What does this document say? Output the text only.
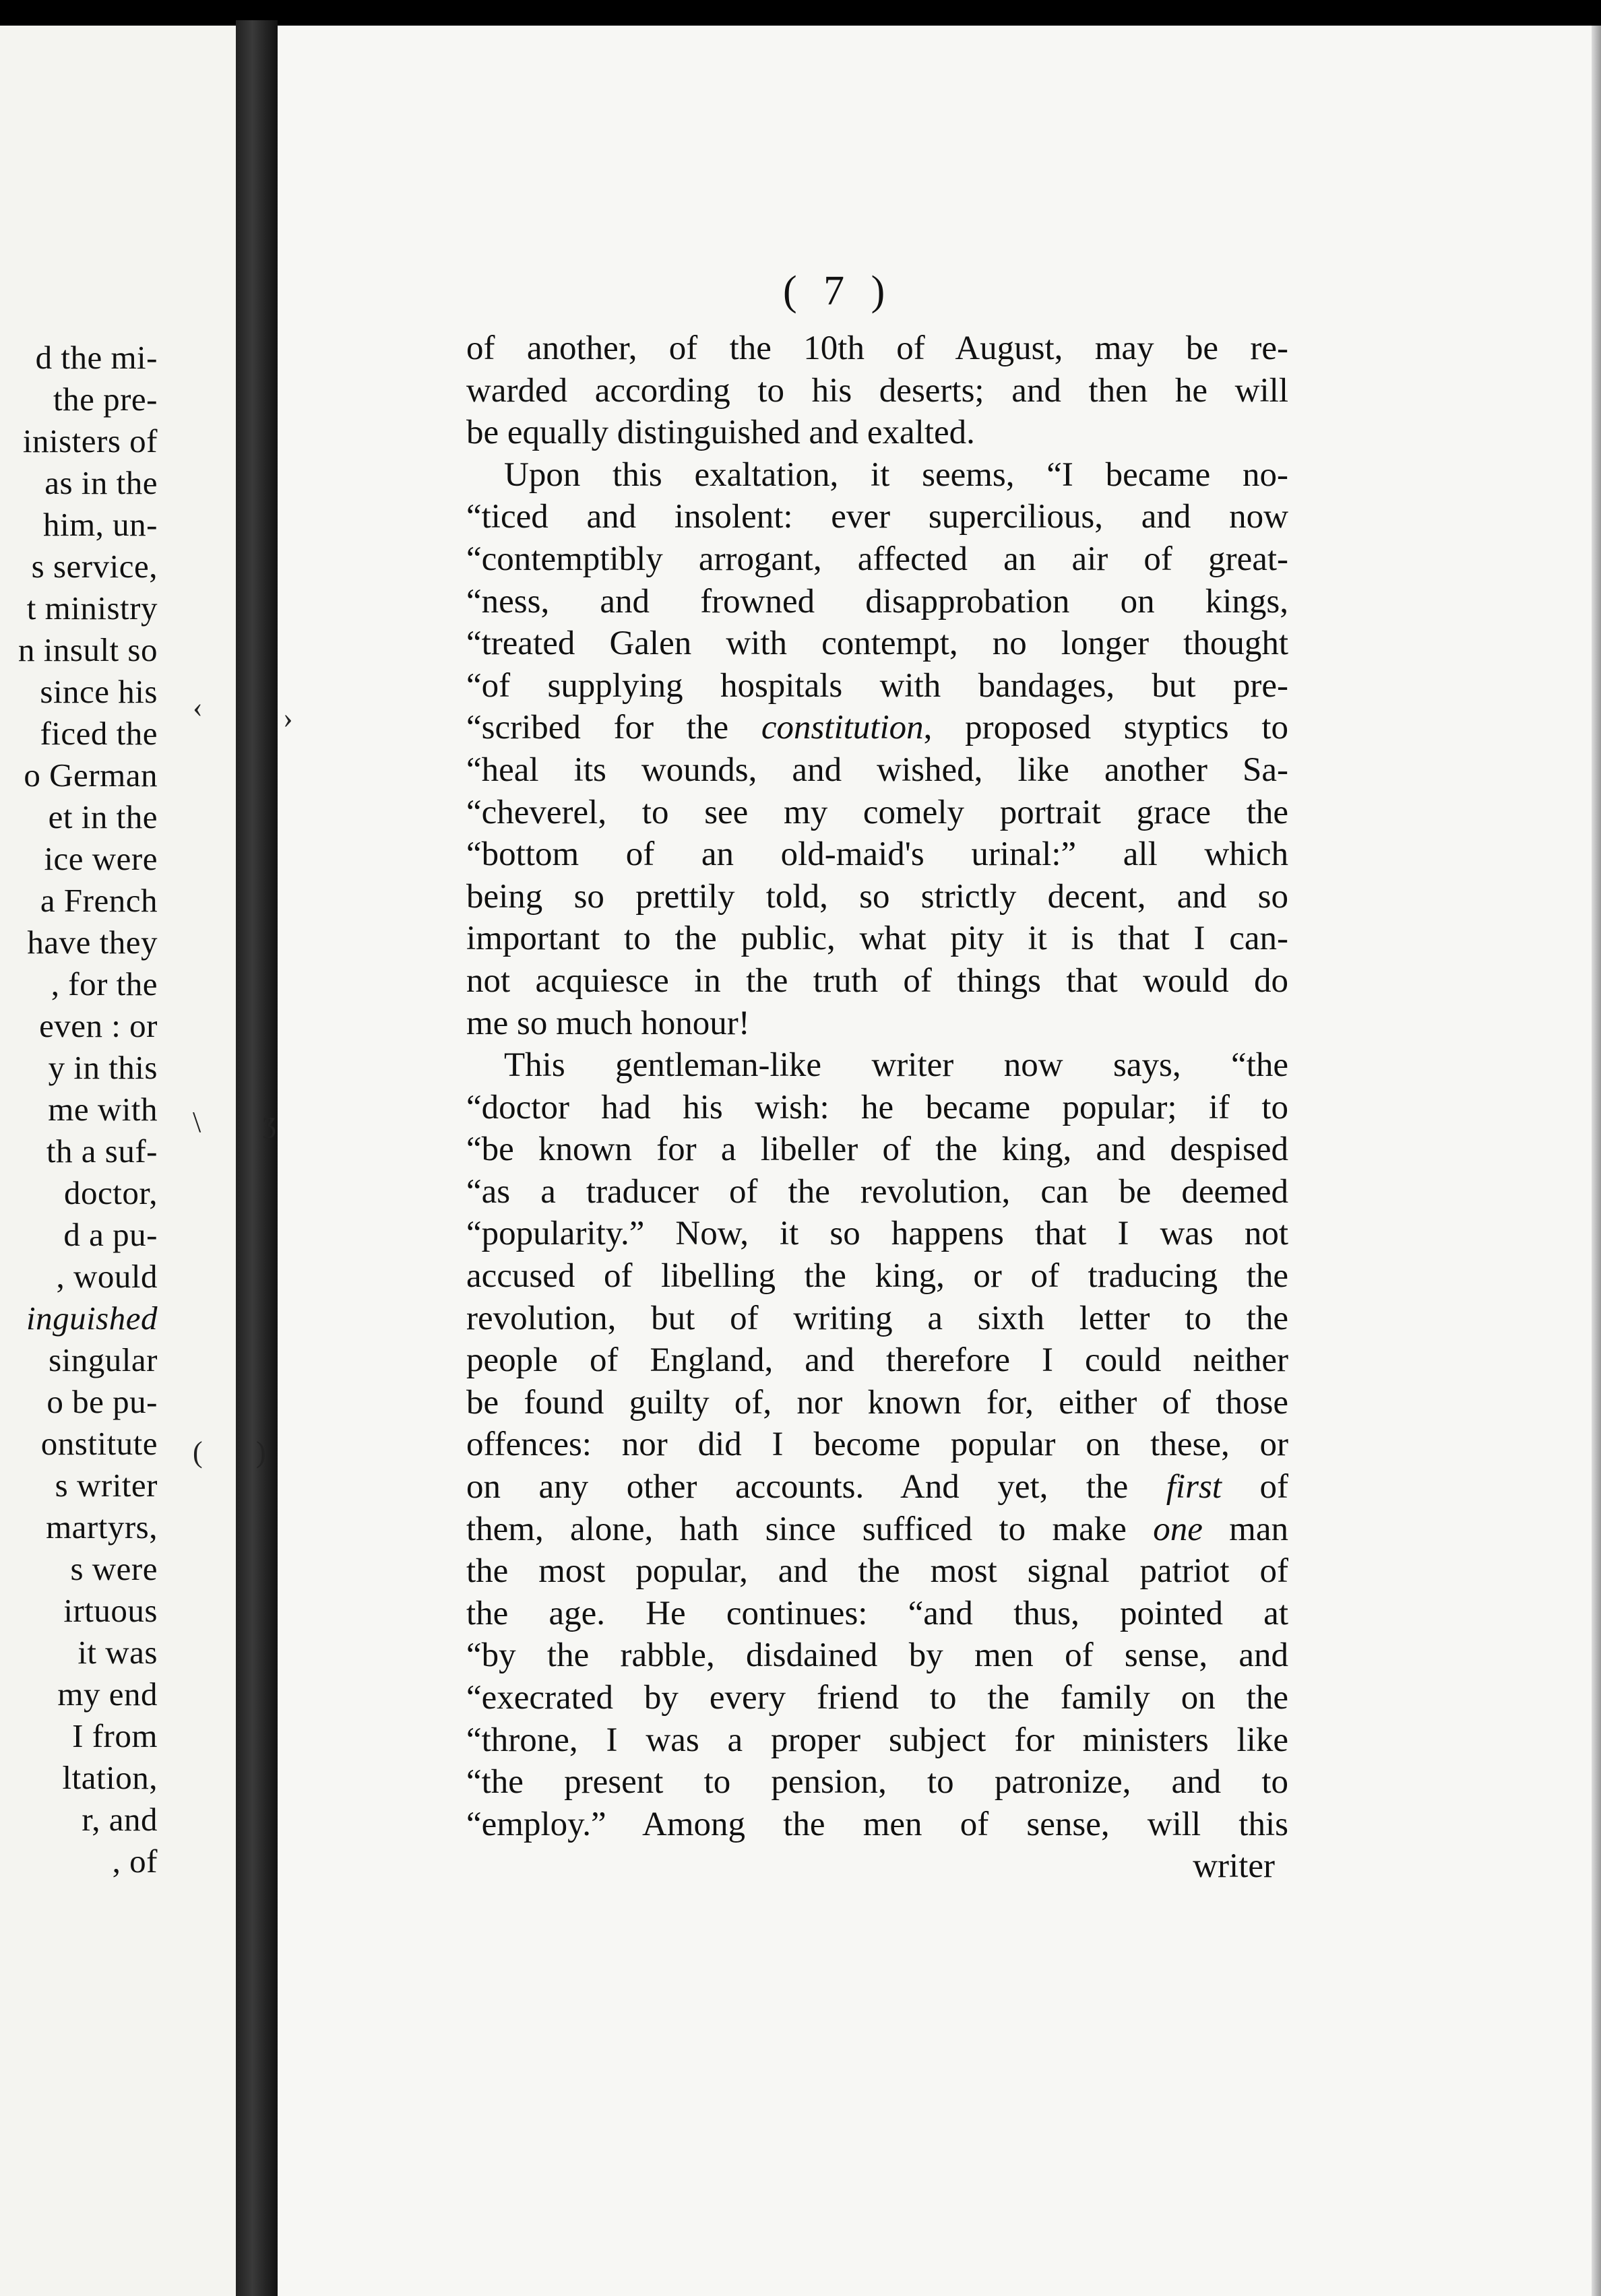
d the mi-
the pre-
inisters of
as in the
him, un-
s service,
t ministry
n insult so
since his
ficed the
o German
et in the
ice were
a French
have they
, for the
even : or
y in this
me with
th a suf-
doctor,
d a pu-
, would
inguished
singular
o be pu-
onstitute
s writer
martyrs,
s were
irtuous
it was
my end
I from
ltation,
r, and
, of
( 7 )
of another, of the 10th of August, may be re-
warded according to his deserts; and then he will
be equally distinguished and exalted.
Upon this exaltation, it seems, “I became no-
“ ticed and insolent: ever supercilious, and now
“ contemptibly arrogant, affected an air of great-
“ ness, and frowned disapprobation on kings,
“ treated Galen with contempt, no longer thought
“ of supplying hospitals with bandages, but pre-
“ scribed for the constitution, proposed styptics to
“ heal its wounds, and wished, like another Sa-
“ cheverel, to see my comely portrait grace the
“ bottom of an old-maid's urinal:” all which
being so prettily told, so strictly decent, and so
important to the public, what pity it is that I can-
not acquiesce in the truth of things that would do
me so much honour!
This gentleman-like writer now says, “the
“ doctor had his wish: he became popular; if to
“ be known for a libeller of the king, and despised
“ as a traducer of the revolution, can be deemed
“ popularity.” Now, it so happens that I was not
accused of libelling the king, or of traducing the
revolution, but of writing a sixth letter to the
people of England, and therefore I could neither
be found guilty of, nor known for, either of those
offences: nor did I become popular on these, or
on any other accounts. And yet, the first of
them, alone, hath since sufficed to make one man
the most popular, and the most signal patriot of
the age. He continues: “and thus, pointed at
“ by the rabble, disdained by men of sense, and
“ execrated by every friend to the family on the
“ throne, I was a proper subject for ministers like
“ the present to pension, to patronize, and to
“ employ.” Among the men of sense, will this
writer
‹	›
\ ʒ
( )
